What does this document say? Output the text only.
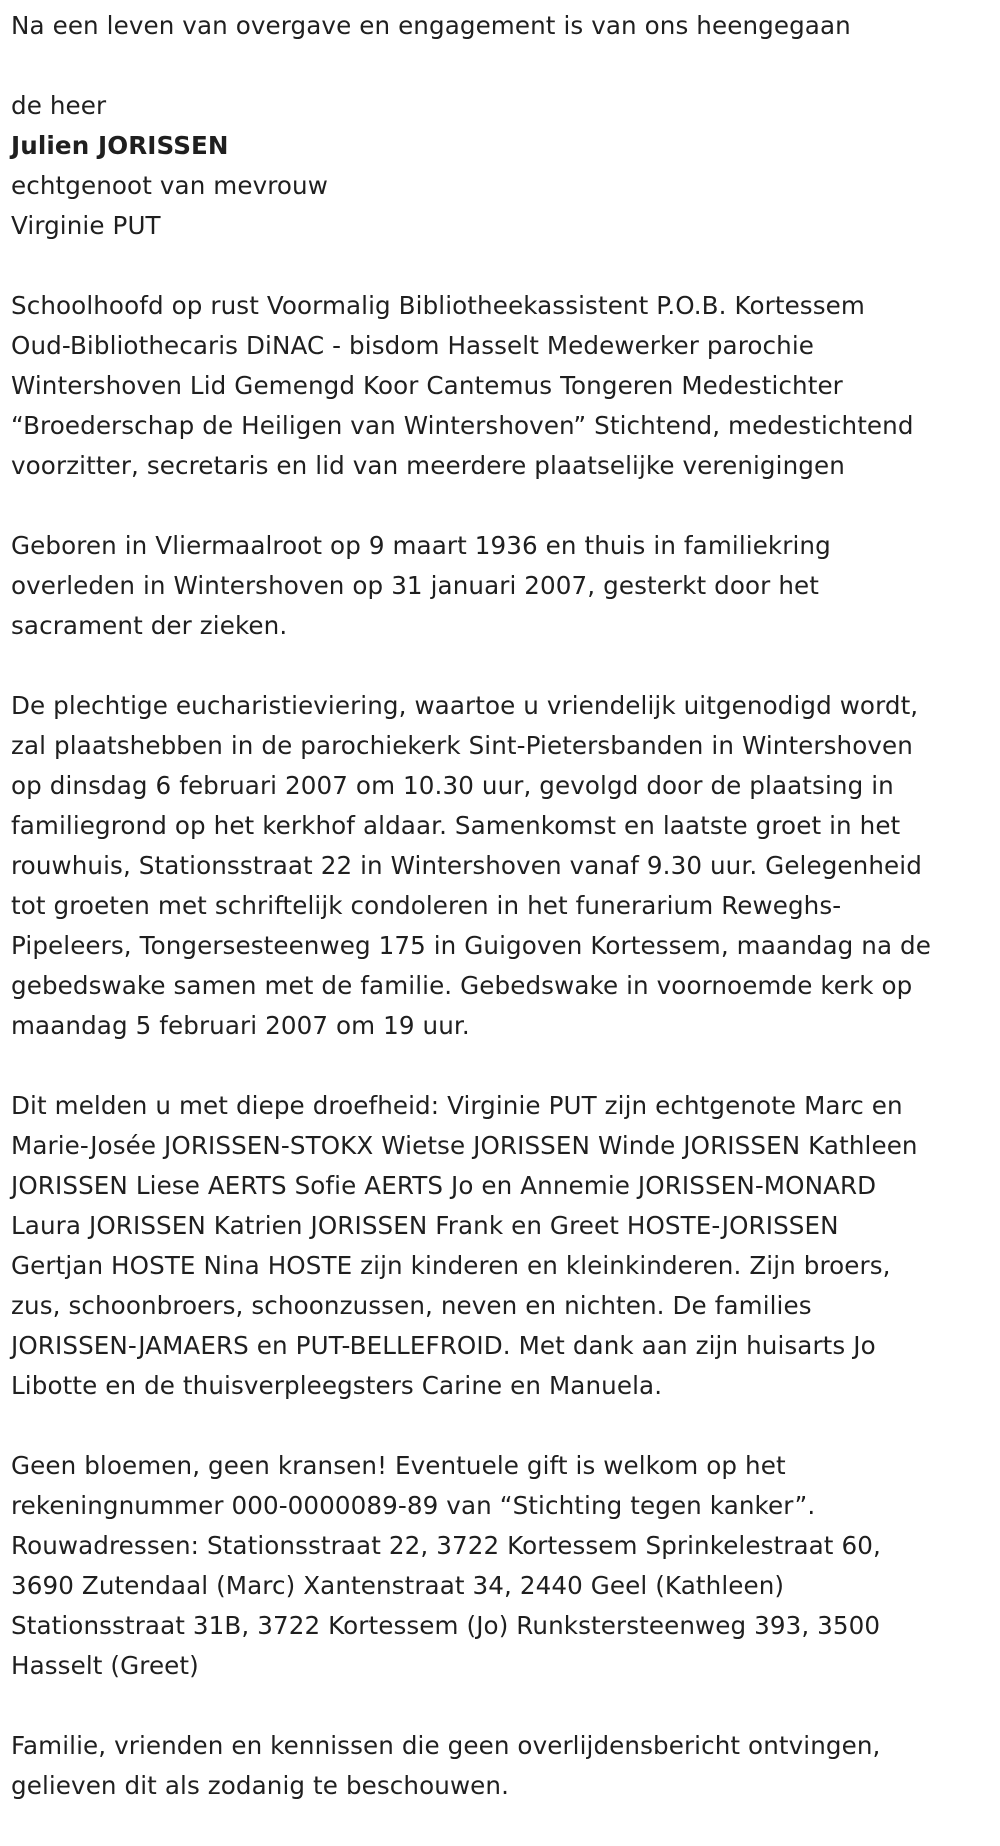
Na een leven van overgave en engagement is van ons heengegaan

de heer

Julien JORISSEN

echtgenoot van mevrouw

Virginie PUT

Schoolhoofd op rust Voormalig Bibliotheekassistent P.O.B. Kortessem
Oud-Bibliothecaris DiNAC - bisdom Hasselt Medewerker parochie
Wintershoven Lid Gemengd Koor Cantemus Tongeren Medestichter
“Broederschap de Heiligen van Wintershoven” Stichtend, medestichtend
voorzitter, secretaris en lid van meerdere plaatselijke verenigingen
Geboren in Vliermaalroot op 9 maart 1936 en thuis in familiekring
overleden in Wintershoven op 31 januari 2007, gesterkt door het
sacrament der zieken.
De plechtige eucharistieviering, waartoe u vriendelijk uitgenodigd wordt,
zal plaatshebben in de parochiekerk Sint-Pietersbanden in Wintershoven
op dinsdag 6 februari 2007 om 10.30 uur, gevolgd door de plaatsing in
familiegrond op het kerkhof aldaar. Samenkomst en laatste groet in het
rouwhuis, Stationsstraat 22 in Wintershoven vanaf 9.30 uur. Gelegenheid
tot groeten met schriftelijk condoleren in het funerarium Reweghs-
Pipeleers, Tongersesteenweg 175 in Guigoven Kortessem, maandag na de
gebedswake samen met de familie. Gebedswake in voornoemde kerk op
maandag 5 februari 2007 om 19 uur.
Dit melden u met diepe droefheid: Virginie PUT zijn echtgenote Marc en
Marie-Josée JORISSEN-STOKX Wietse JORISSEN Winde JORISSEN Kathleen
JORISSEN Liese AERTS Sofie AERTS Jo en Annemie JORISSEN-MONARD
Laura JORISSEN Katrien JORISSEN Frank en Greet HOSTE-JORISSEN
Gertjan HOSTE Nina HOSTE zijn kinderen en kleinkinderen. Zijn broers,
zus, schoonbroers, schoonzussen, neven en nichten. De families
JORISSEN-JAMAERS en PUT-BELLEFROID. Met dank aan zijn huisarts Jo
Libotte en de thuisverpleegsters Carine en Manuela.
Geen bloemen, geen kransen! Eventuele gift is welkom op het
rekeningnummer 000-0000089-89 van “Stichting tegen kanker”.
Rouwadressen: Stationsstraat 22, 3722 Kortessem Sprinkelestraat 60,
3690 Zutendaal (Marc) Xantenstraat 34, 2440 Geel (Kathleen)
Stationsstraat 31B, 3722 Kortessem (Jo) Runkstersteenweg 393, 3500
Hasselt (Greet)
Familie, vrienden en kennissen die geen overlijdensbericht ontvingen,
gelieven dit als zodanig te beschouwen.
